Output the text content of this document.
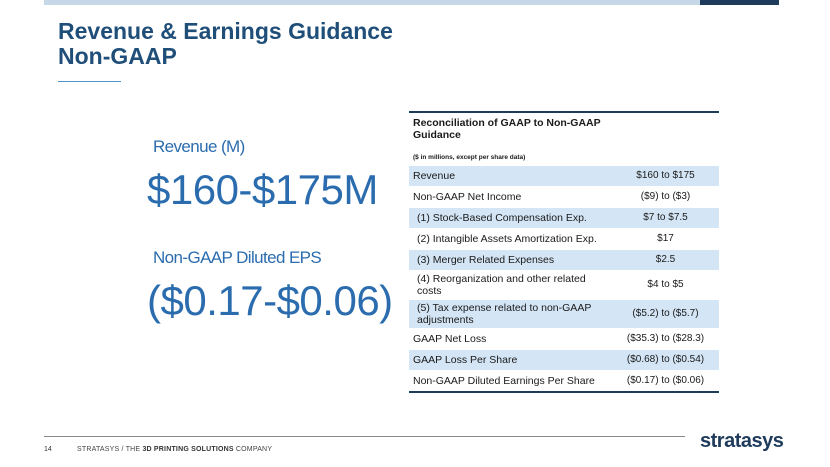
Revenue & Earnings Guidance
Non-GAAP
Revenue (M)
$160-$175M
Non-GAAP Diluted EPS
($0.17-$0.06)
Reconciliation of GAAP to Non-GAAP Guidance
($ in millions, except per share data)	

Revenue	$160 to $175
Non-GAAP Net Income	($9) to ($3)
(1) Stock-Based Compensation Exp.	$7 to $7.5
(2) Intangible Assets Amortization Exp.	$17
(3) Merger Related Expenses	$2.5
(4) Reorganization and other related costs	$4 to $5
(5) Tax expense related to non-GAAP adjustments	($5.2) to ($5.7)
GAAP Net Loss	($35.3) to ($28.3)
GAAP Loss Per Share	($0.68) to ($0.54)
Non-GAAP Diluted Earnings Per Share	($0.17) to ($0.06)
14	STRATASYS / THE 3D PRINTING SOLUTIONS COMPANY	stratasys
